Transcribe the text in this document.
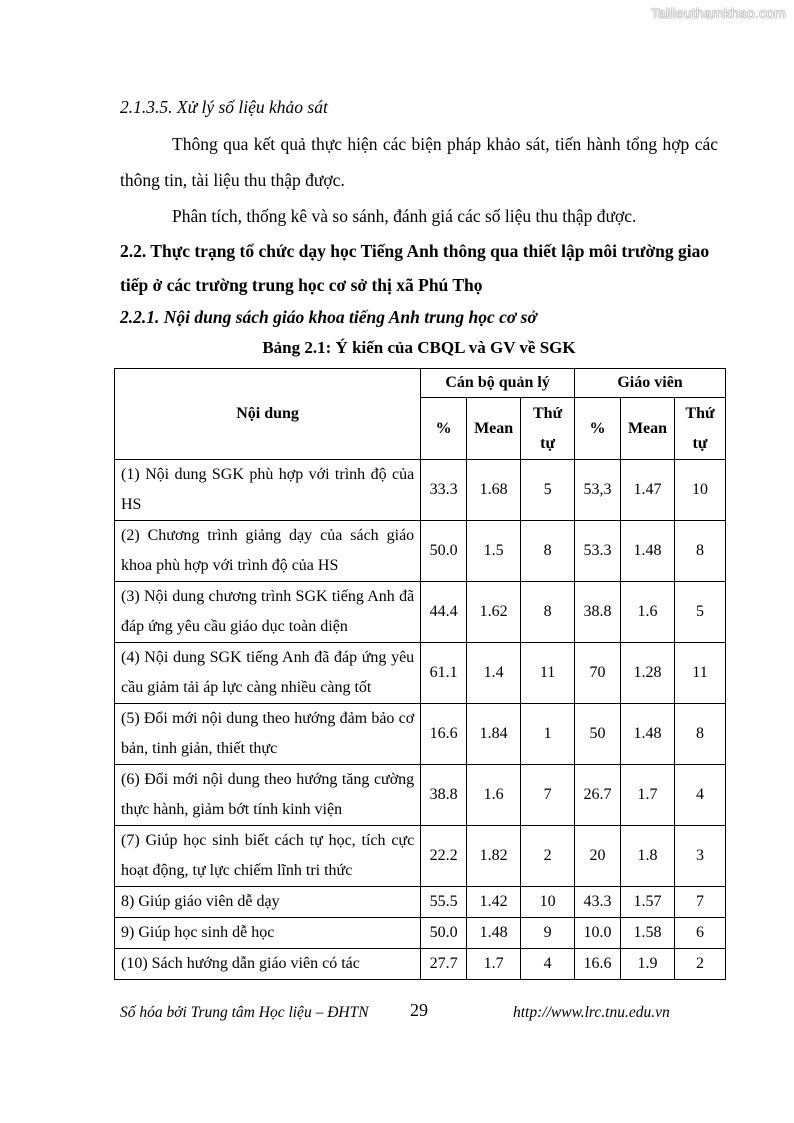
Tailieuthamkhao.com

2.1.3.5. Xử lý số liệu khảo sát

Thông qua kết quả thực hiện các biện pháp khảo sát, tiến hành tổng hợp các thông tin, tài liệu thu thập được.

Phân tích, thống kê và so sánh, đánh giá các số liệu thu thập được.

2.2. Thực trạng tổ chức dạy học Tiếng Anh thông qua thiết lập môi trường giao tiếp ở các trường trung học cơ sở thị xã Phú Thọ

2.2.1. Nội dung sách giáo khoa tiếng Anh trung học cơ sở

Bảng 2.1: Ý kiến của CBQL và GV về SGK

Nội dung	Cán bộ quản lý			Giáo viên		
	%	Mean	Thứ tự	%	Mean	Thứ tự
(1) Nội dung SGK phù hợp với trình độ của HS	33.3	1.68	5	53,3	1.47	10
(2) Chương trình giảng dạy của sách giáo khoa phù hợp với trình độ của HS	50.0	1.5	8	53.3	1.48	8
(3) Nội dung chương trình SGK tiếng Anh đã đáp ứng yêu cầu giáo dục toàn diện	44.4	1.62	8	38.8	1.6	5
(4) Nội dung SGK tiếng Anh đã đáp ứng yêu cầu giảm tải áp lực càng nhiều càng tốt	61.1	1.4	11	70	1.28	11
(5) Đổi mới nội dung theo hướng đảm bảo cơ bản, tinh giản, thiết thực	16.6	1.84	1	50	1.48	8
(6) Đổi mới nội dung theo hướng tăng cường thực hành, giảm bớt tính kinh viện	38.8	1.6	7	26.7	1.7	4
(7) Giúp học sinh biết cách tự học, tích cực hoạt động, tự lực chiếm lĩnh tri thức	22.2	1.82	2	20	1.8	3
8) Giúp giáo viên dễ dạy	55.5	1.42	10	43.3	1.57	7
9) Giúp học sinh dễ học	50.0	1.48	9	10.0	1.58	6
(10) Sách hướng dẫn giáo viên có tác	27.7	1.7	4	16.6	1.9	2
Số hóa bởi Trung tâm Học liệu – ĐHTN 29	http://www.lrc.tnu.edu.vn
